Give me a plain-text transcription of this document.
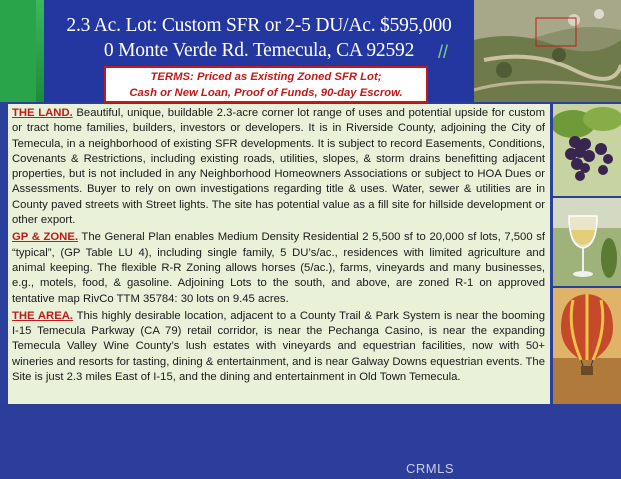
2.3 Ac. Lot: Custom SFR or 2-5 DU/Ac. $595,000
0 Monte Verde Rd. Temecula, CA 92592	//
TERMS: Priced as Existing Zoned SFR Lot;
Cash or New Loan, Proof of Funds, 90-day Escrow.

THE LAND. Beautiful, unique, buildable 2.3-acre corner lot range of uses and potential upside for custom or tract home families, builders, investors or developers. It is in Riverside County, adjoining the City of Temecula, in a neighborhood of existing SFR developments. It is subject to record Easements, Conditions, Covenants & Restrictions, including existing roads, utilities, slopes, & storm drains benefitting adjacent properties, but is not included in any Neighborhood Homeowners Associations or subject to HOA Dues or Assessments. Buyer to rely on own investigations regarding title & uses. Water, sewer & utilities are in County paved streets with Street lights. The site has potential value as a fill site for hillside development or other export.

GP & ZONE. The General Plan enables Medium Density Residential 2 5,500 sf to 20,000 sf lots, 7,500 sf “typical”, (GP Table LU 4), including single family, 5 DU’s/ac., residences with limited agriculture and animal keeping. The flexible R-R Zoning allows horses (5/ac.), farms, vineyards and many businesses, e.g., motels, food, & gasoline. Adjoining Lots to the south, and above, are zoned R-1 on approved tentative map RivCo TTM 35784: 30 lots on 9.45 acres.

THE AREA. This highly desirable location, adjacent to a County Trail & Park System is near the booming I-15 Temecula Parkway (CA 79) retail corridor, is near the Pechanga Casino, is near the expanding Temecula Valley Wine County’s lush estates with vineyards and equestrian facilities, now with 50+ wineries and resorts for tasting, dining & entertainment, and is near Galway Downs equestrian events. The Site is just 2.3 miles East of I-15, and the dining and entertainment in Old Town Temecula.

CRMLS
